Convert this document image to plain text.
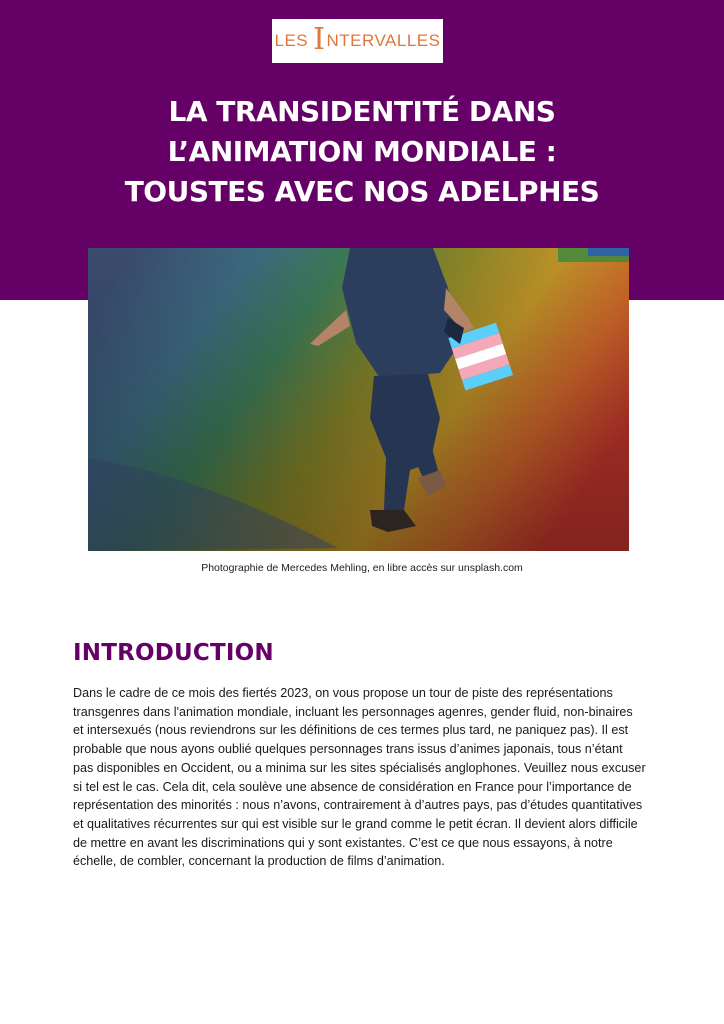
LES I NTERVALLES
LA TRANSIDENTITÉ DANS
L’ANIMATION MONDIALE :
TOUSTES AVEC NOS ADELPHES
Photographie de Mercedes Mehling, en libre accès sur unsplash.com
INTRODUCTION

Dans le cadre de ce mois des fiertés 2023, on vous propose un tour de piste des représentations
transgenres dans l'animation mondiale, incluant les personnages agenres, gender fluid, non-binaires
et intersexués (nous reviendrons sur les définitions de ces termes plus tard, ne paniquez pas). Il est
probable que nous ayons oublié quelques personnages trans issus d’animes japonais, tous n’étant
pas disponibles en Occident, ou a minima sur les sites spécialisés anglophones. Veuillez nous excuser
si tel est le cas. Cela dit, cela soulève une absence de considération en France pour l’importance de
représentation des minorités : nous n’avons, contrairement à d’autres pays, pas d’études quantitatives
et qualitatives récurrentes sur qui est visible sur le grand comme le petit écran. Il devient alors difficile
de mettre en avant les discriminations qui y sont existantes. C’est ce que nous essayons, à notre
échelle, de combler, concernant la production de films d’animation.
